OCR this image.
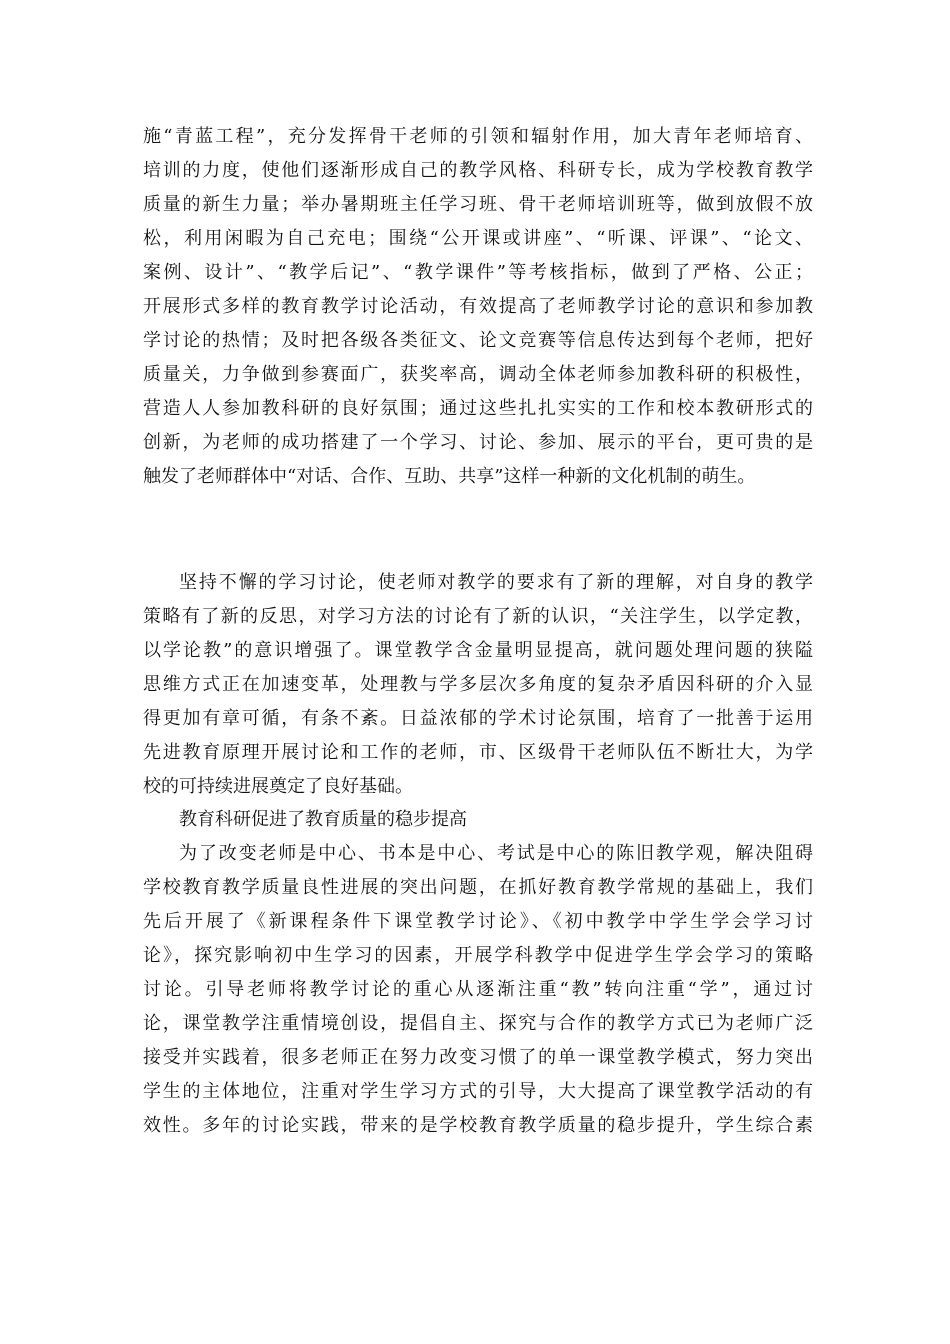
施“青蓝工程”，充分发挥骨干老师的引领和辐射作用，加大青年老师培育、
培训的力度，使他们逐渐形成自己的教学风格、科研专长，成为学校教育教学
质量的新生力量；举办暑期班主任学习班、骨干老师培训班等，做到放假不放
松，利用闲暇为自己充电；围绕“公开课或讲座”、“听课、评课”、“论文、
案例、设计”、“教学后记”、“教学课件”等考核指标，做到了严格、公正；
开展形式多样的教育教学讨论活动，有效提高了老师教学讨论的意识和参加教
学讨论的热情；及时把各级各类征文、论文竞赛等信息传达到每个老师，把好
质量关，力争做到参赛面广，获奖率高，调动全体老师参加教科研的积极性，
营造人人参加教科研的良好氛围；通过这些扎扎实实的工作和校本教研形式的
创新，为老师的成功搭建了一个学习、讨论、参加、展示的平台，更可贵的是
触发了老师群体中“对话、合作、互助、共享”这样一种新的文化机制的萌生。
坚持不懈的学习讨论，使老师对教学的要求有了新的理解，对自身的教学
策略有了新的反思，对学习方法的讨论有了新的认识，“关注学生，以学定教，
以学论教”的意识增强了。课堂教学含金量明显提高，就问题处理问题的狭隘
思维方式正在加速变革，处理教与学多层次多角度的复杂矛盾因科研的介入显
得更加有章可循，有条不紊。日益浓郁的学术讨论氛围，培育了一批善于运用
先进教育原理开展讨论和工作的老师，市、区级骨干老师队伍不断壮大，为学
校的可持续进展奠定了良好基础。
教育科研促进了教育质量的稳步提高
为了改变老师是中心、书本是中心、考试是中心的陈旧教学观，解决阻碍
学校教育教学质量良性进展的突出问题，在抓好教育教学常规的基础上，我们
先后开展了《新课程条件下课堂教学讨论》、《初中教学中学生学会学习讨
论》，探究影响初中生学习的因素，开展学科教学中促进学生学会学习的策略
讨论。引导老师将教学讨论的重心从逐渐注重“教”转向注重“学”，通过讨
论，课堂教学注重情境创设，提倡自主、探究与合作的教学方式已为老师广泛
接受并实践着，很多老师正在努力改变习惯了的单一课堂教学模式，努力突出
学生的主体地位，注重对学生学习方式的引导，大大提高了课堂教学活动的有
效性。多年的讨论实践，带来的是学校教育教学质量的稳步提升，学生综合素
